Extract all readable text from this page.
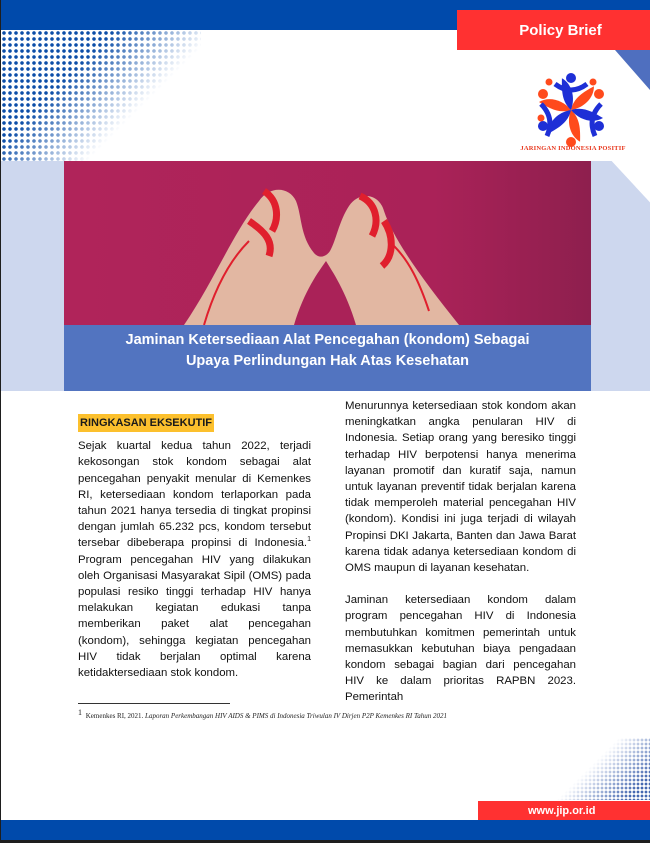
Policy Brief
JARINGAN INDONESIA POSITIF
Jaminan Ketersediaan Alat Pencegahan (kondom) Sebagai
Upaya Perlindungan Hak Atas Kesehatan
RINGKASAN EKSEKUTIF

Sejak kuartal kedua tahun 2022, terjadi kekosongan stok kondom sebagai alat pencegahan penyakit menular di Kemenkes RI, ketersediaan kondom terlaporkan pada tahun 2021 hanya tersedia di tingkat propinsi dengan jumlah 65.232 pcs, kondom tersebut tersebar dibeberapa propinsi di Indonesia.$^1$ Program pencegahan HIV yang dilakukan oleh Organisasi Masyarakat Sipil (OMS) pada populasi resiko tinggi terhadap HIV hanya melakukan kegiatan edukasi tanpa memberikan paket alat pencegahan (kondom), sehingga kegiatan pencegahan HIV tidak berjalan optimal karena ketidaktersediaan stok kondom.

Menurunnya ketersediaan stok kondom akan meningkatkan angka penularan HIV di Indonesia. Setiap orang yang beresiko tinggi terhadap HIV berpotensi hanya menerima layanan promotif dan kuratif saja, namun untuk layanan preventif tidak berjalan karena tidak memperoleh material pencegahan HIV (kondom). Kondisi ini juga terjadi di wilayah Propinsi DKI Jakarta, Banten dan Jawa Barat karena tidak adanya ketersediaan kondom di OMS maupun di layanan kesehatan.

Jaminan ketersediaan kondom dalam program pencegahan HIV di Indonesia membutuhkan komitmen pemerintah untuk memasukkan kebutuhan biaya pengadaan kondom sebagai bagian dari pencegahan HIV ke dalam prioritas RAPBN 2023. Pemerintah

1 Kemenkes RI, 2021. Laporan Perkembangan HIV AIDS & PIMS di Indonesia Triwulan IV Dirjen P2P Kemenkes RI Tahun 2021
www.jip.or.id
